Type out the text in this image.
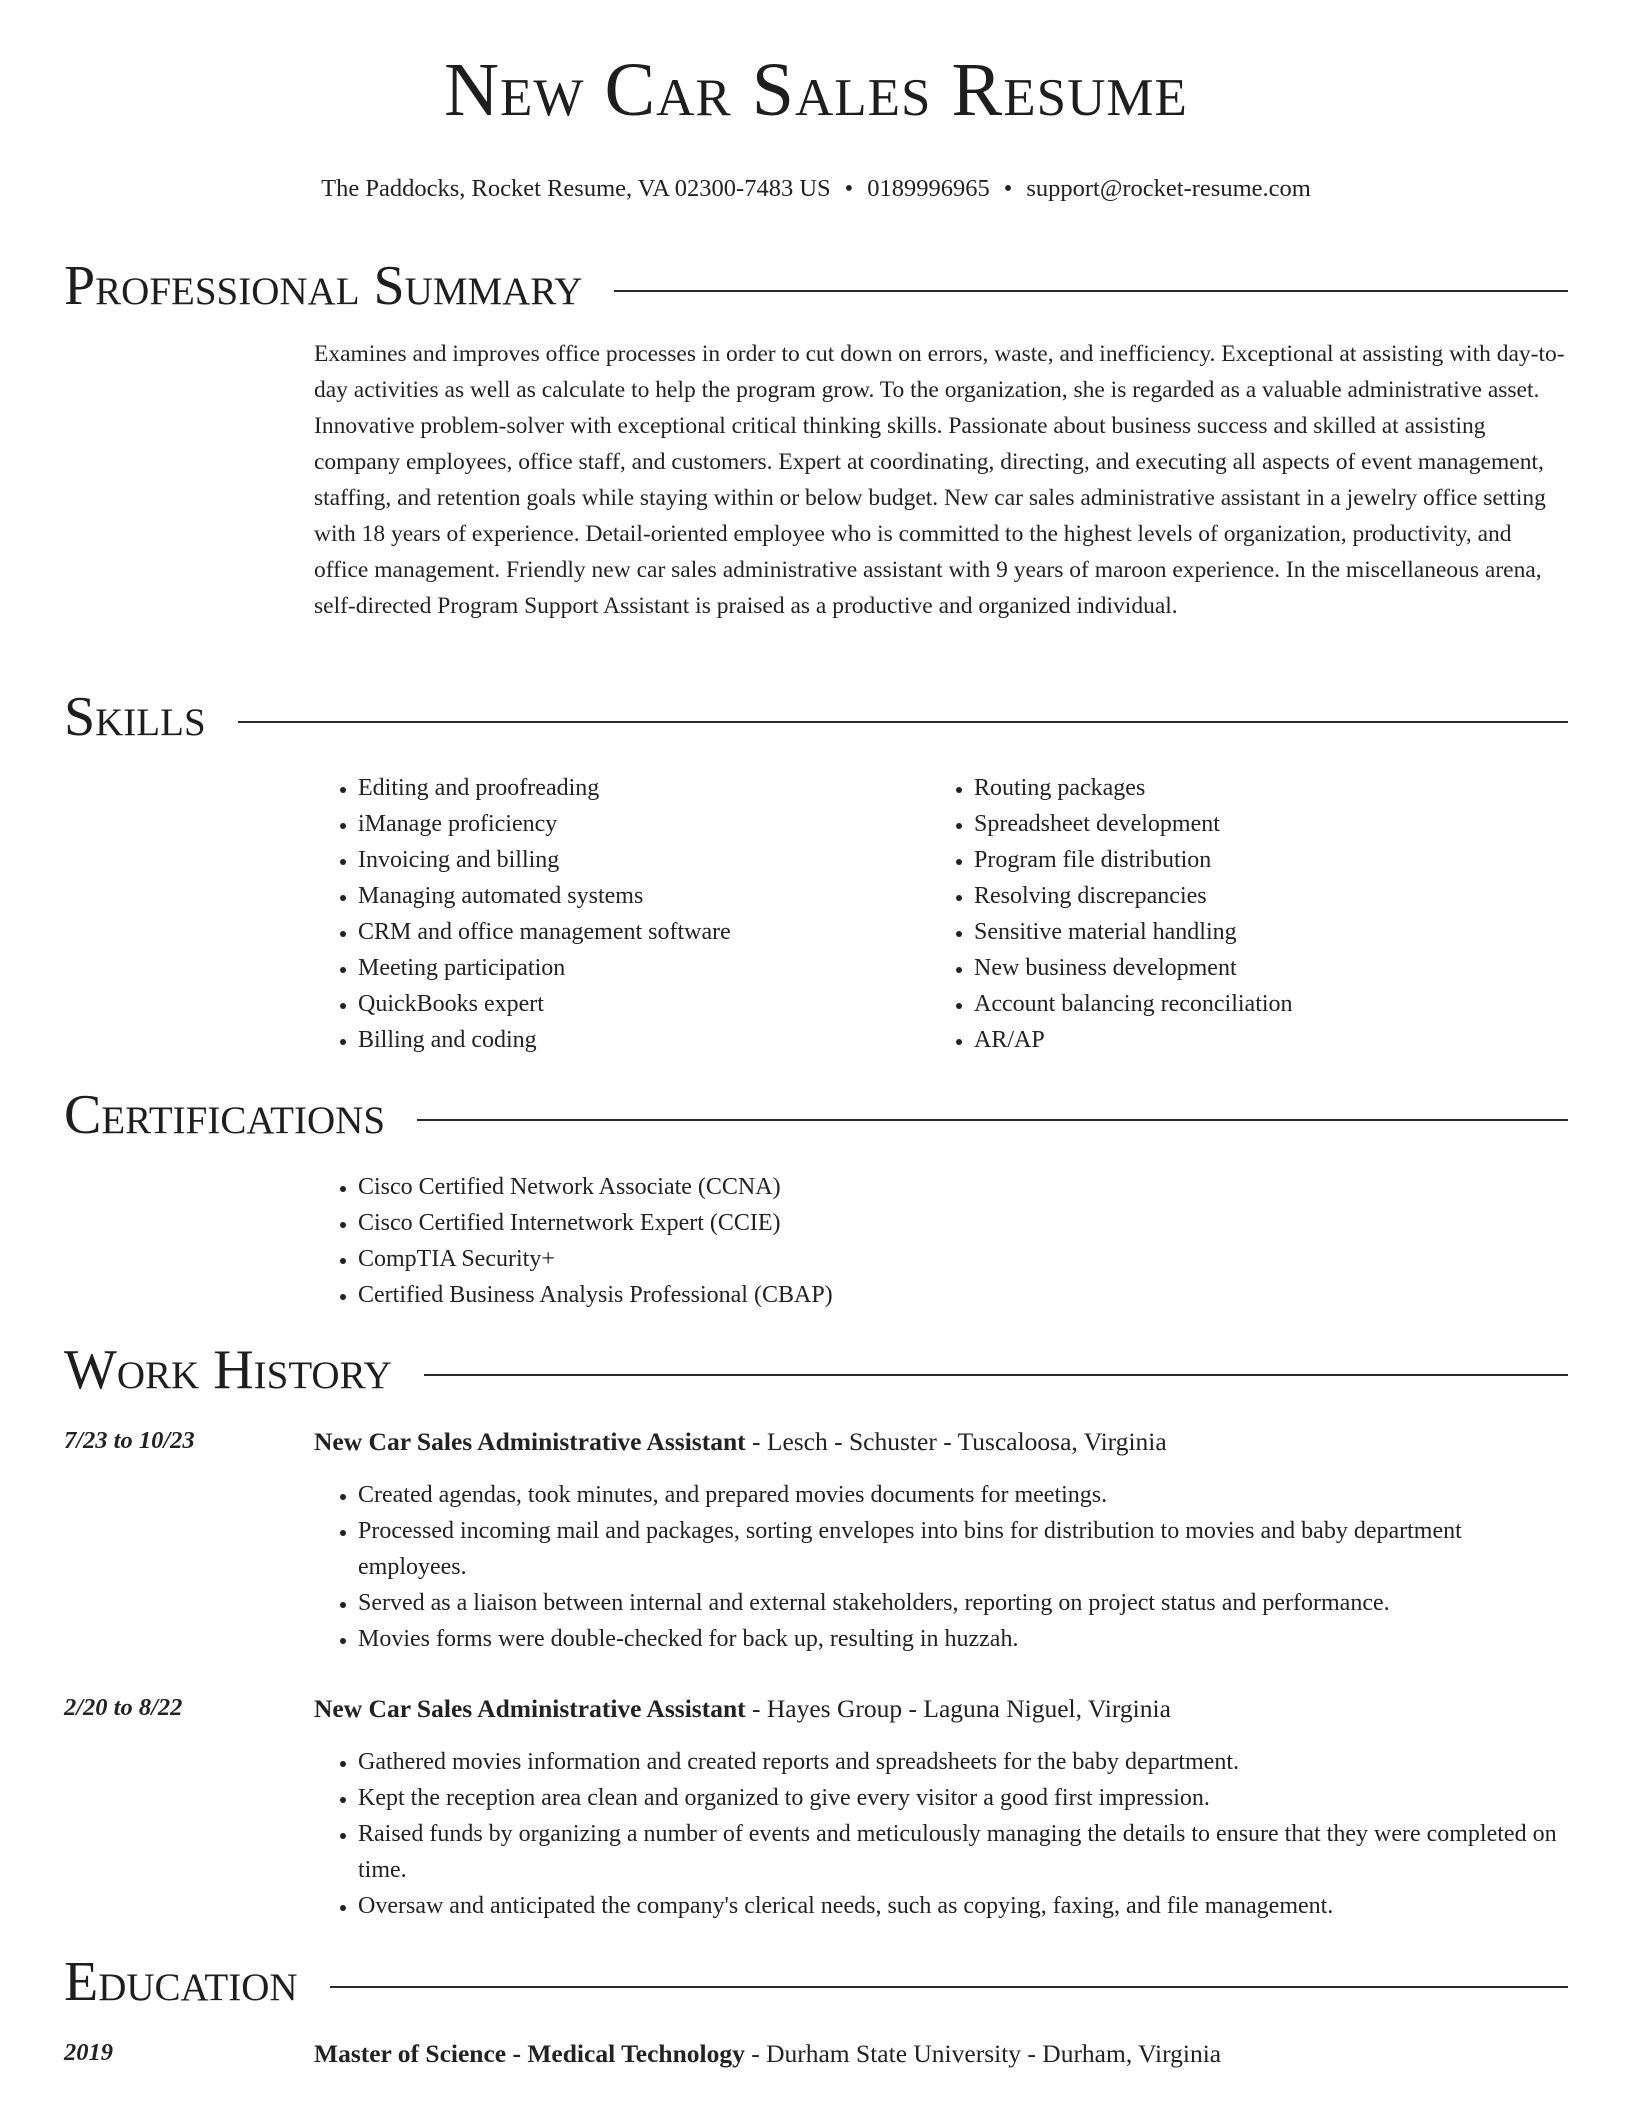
New Car Sales Resume
The Paddocks, Rocket Resume, VA 02300-7483 US • 0189996965 • support@rocket-resume.com
Professional Summary

Examines and improves office processes in order to cut down on errors, waste, and inefficiency. Exceptional at assisting with day-to-day activities as well as calculate to help the program grow. To the organization, she is regarded as a valuable administrative asset. Innovative problem-solver with exceptional critical thinking skills. Passionate about business success and skilled at assisting company employees, office staff, and customers. Expert at coordinating, directing, and executing all aspects of event management, staffing, and retention goals while staying within or below budget. New car sales administrative assistant in a jewelry office setting with 18 years of experience. Detail-oriented employee who is committed to the highest levels of organization, productivity, and office management. Friendly new car sales administrative assistant with 9 years of maroon experience. In the miscellaneous arena, self-directed Program Support Assistant is praised as a productive and organized individual.

Skills
• Editing and proofreading
• iManage proficiency
• Invoicing and billing
• Managing automated systems
• CRM and office management software
• Meeting participation
• QuickBooks expert
• Billing and coding
• Routing packages
• Spreadsheet development
• Program file distribution
• Resolving discrepancies
• Sensitive material handling
• New business development
• Account balancing reconciliation
• AR/AP
Certifications
• Cisco Certified Network Associate (CCNA)
• Cisco Certified Internetwork Expert (CCIE)
• CompTIA Security+
• Certified Business Analysis Professional (CBAP)
Work History
7/23 to 10/23	New Car Sales Administrative Assistant - Lesch - Schuster - Tuscaloosa, Virginia
• Created agendas, took minutes, and prepared movies documents for meetings.
• Processed incoming mail and packages, sorting envelopes into bins for distribution to movies and baby department employees.
• Served as a liaison between internal and external stakeholders, reporting on project status and performance.
• Movies forms were double-checked for back up, resulting in huzzah.
2/20 to 8/22	New Car Sales Administrative Assistant - Hayes Group - Laguna Niguel, Virginia
• Gathered movies information and created reports and spreadsheets for the baby department.
• Kept the reception area clean and organized to give every visitor a good first impression.
• Raised funds by organizing a number of events and meticulously managing the details to ensure that they were completed on time.
• Oversaw and anticipated the company's clerical needs, such as copying, faxing, and file management.
Education
2019	Master of Science - Medical Technology - Durham State University - Durham, Virginia
